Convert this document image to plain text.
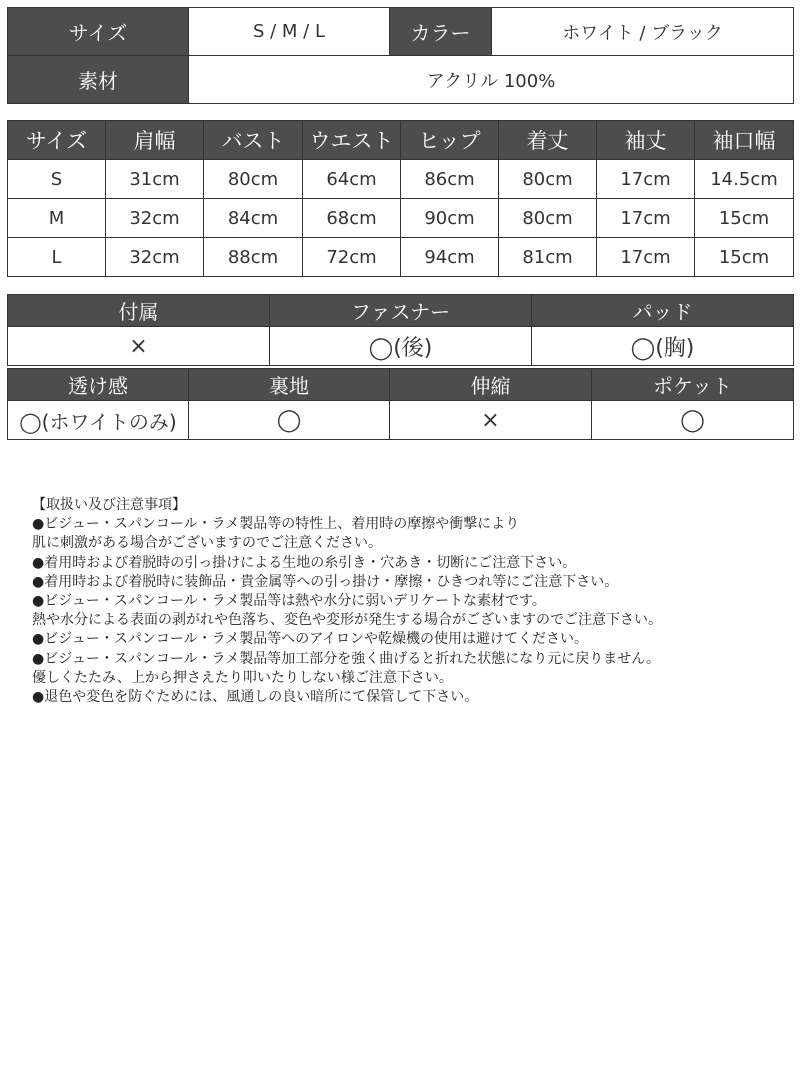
サイズ	S / M / L	カラー	ホワイト / ブラック
素材	アクリル 100%		
サイズ	肩幅	バスト	ウエスト	ヒップ	着丈	袖丈	袖口幅
S	31cm	80cm	64cm	86cm	80cm	17cm	14.5cm
M	32cm	84cm	68cm	90cm	80cm	17cm	15cm
L	32cm	88cm	72cm	94cm	81cm	17cm	15cm
付属	ファスナー	パッド
×	◯(後)	◯(胸)
透け感	裏地	伸縮	ポケット
◯(ホワイトのみ)	◯	×	◯
【取扱い及び注意事項】
●ビジュー・スパンコール・ラメ製品等の特性上、着用時の摩擦や衝撃により
肌に刺激がある場合がございますのでご注意ください。
●着用時および着脱時の引っ掛けによる生地の糸引き・穴あき・切断にご注意下さい。
●着用時および着脱時に装飾品・貴金属等への引っ掛け・摩擦・ひきつれ等にご注意下さい。
●ビジュー・スパンコール・ラメ製品等は熱や水分に弱いデリケートな素材です。
熱や水分による表面の剥がれや色落ち、変色や変形が発生する場合がございますのでご注意下さい。
●ビジュー・スパンコール・ラメ製品等へのアイロンや乾燥機の使用は避けてください。
●ビジュー・スパンコール・ラメ製品等加工部分を強く曲げると折れた状態になり元に戻りません。
優しくたたみ、上から押さえたり叩いたりしない様ご注意下さい。
●退色や変色を防ぐためには、風通しの良い暗所にて保管して下さい。
